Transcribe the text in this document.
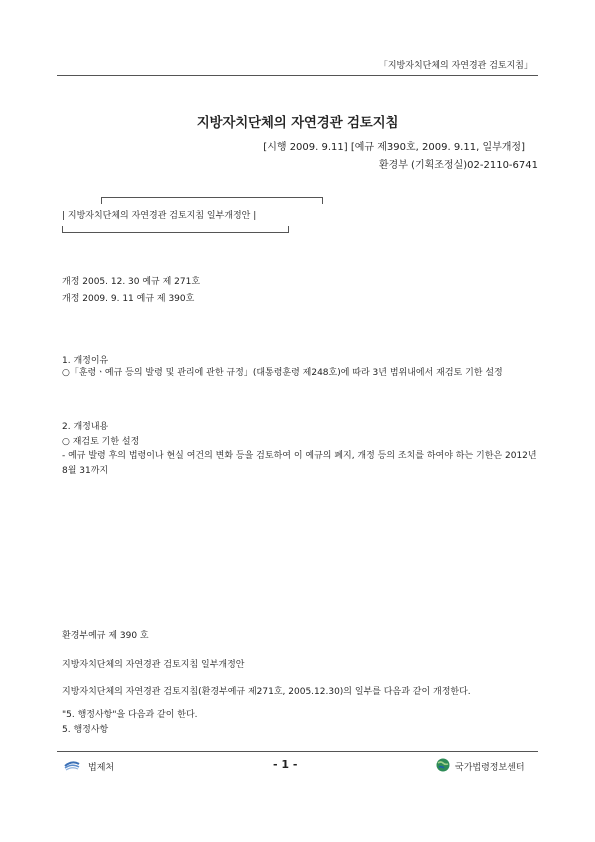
「지방자치단체의 자연경관 검토지침」
지방자치단체의 자연경관 검토지침
[시행 2009. 9.11] [예규 제390호, 2009. 9.11, 일부개정]
환경부 (기획조정실)02-2110-6741
| 지방자치단체의 자연경관 검토지침 일부개정안 |
개정 2005. 12. 30 예규 제 271호
개정 2009. 9. 11 예규 제 390호
1. 개정이유
○「훈령ㆍ예규 등의 발령 및 관리에 관한 규정」(대통령훈령 제248호)에 따라 3년 범위내에서 재검토 기한 설정
2. 개정내용
○ 재검토 기한 설정
- 예규 발령 후의 법령이나 현실 여건의 변화 등을 검토하여 이 예규의 폐지, 개정 등의 조치를 하여야 하는 기한은 2012년 8월 31까지
환경부예규 제 390 호
지방자치단체의 자연경관 검토지침 일부개정안
지방자치단체의 자연경관 검토지침(환경부예규 제271호, 2005.12.30)의 일부를 다음과 같이 개정한다.
"5. 행정사항"을 다음과 같이 한다.
5. 행정사항
법제처	- 1 -	국가법령정보센터
